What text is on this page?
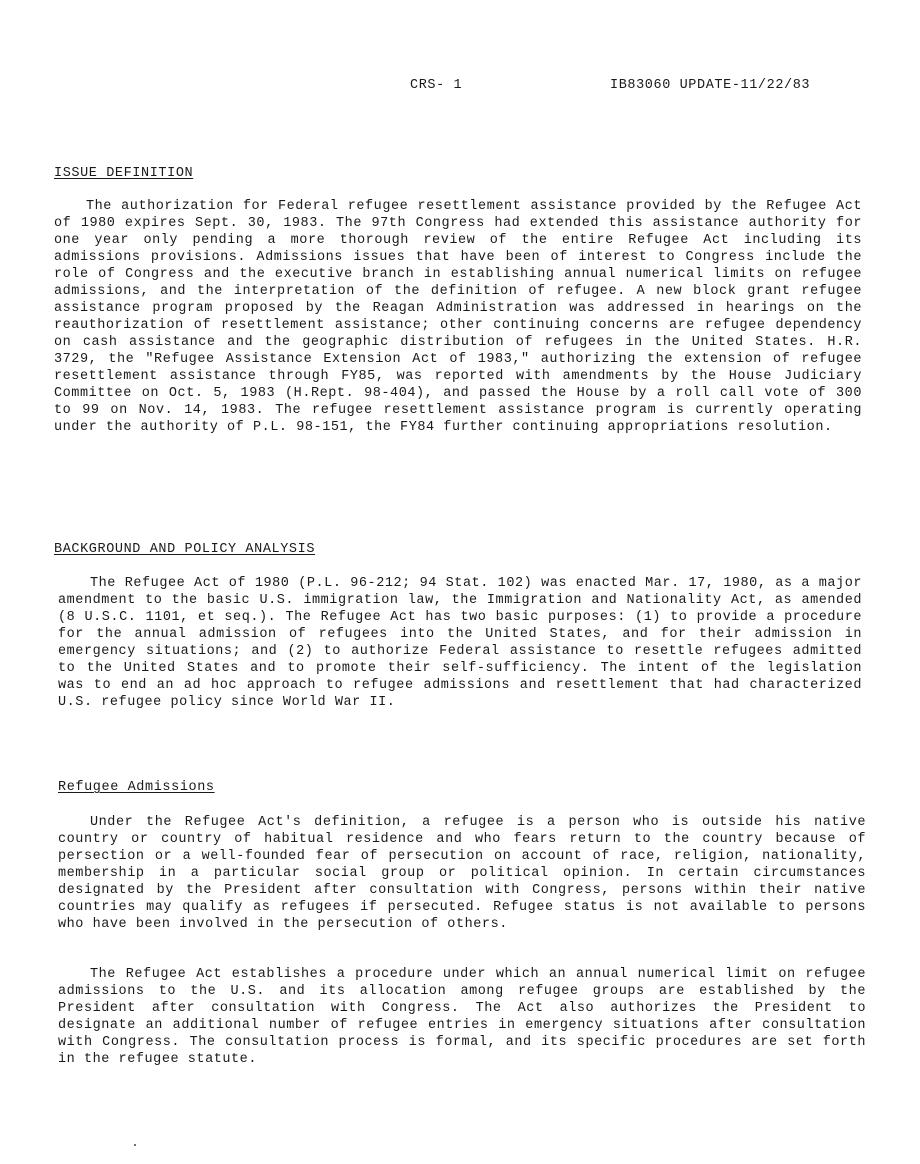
CRS- 1	IB83060 UPDATE-11/22/83
ISSUE DEFINITION
The authorization for Federal refugee resettlement assistance provided by the Refugee Act of 1980 expires Sept. 30, 1983. The 97th Congress had extended this assistance authority for one year only pending a more thorough review of the entire Refugee Act including its admissions provisions. Admissions issues that have been of interest to Congress include the role of Congress and the executive branch in establishing annual numerical limits on refugee admissions, and the interpretation of the definition of refugee. A new block grant refugee assistance program proposed by the Reagan Administration was addressed in hearings on the reauthorization of resettlement assistance; other continuing concerns are refugee dependency on cash assistance and the geographic distribution of refugees in the United States. H.R. 3729, the "Refugee Assistance Extension Act of 1983," authorizing the extension of refugee resettlement assistance through FY85, was reported with amendments by the House Judiciary Committee on Oct. 5, 1983 (H.Rept. 98-404), and passed the House by a roll call vote of 300 to 99 on Nov. 14, 1983. The refugee resettlement assistance program is currently operating under the authority of P.L. 98-151, the FY84 further continuing appropriations resolution.
BACKGROUND AND POLICY ANALYSIS
The Refugee Act of 1980 (P.L. 96-212; 94 Stat. 102) was enacted Mar. 17, 1980, as a major amendment to the basic U.S. immigration law, the Immigration and Nationality Act, as amended (8 U.S.C. 1101, et seq.). The Refugee Act has two basic purposes: (1) to provide a procedure for the annual admission of refugees into the United States, and for their admission in emergency situations; and (2) to authorize Federal assistance to resettle refugees admitted to the United States and to promote their self-sufficiency. The intent of the legislation was to end an ad hoc approach to refugee admissions and resettlement that had characterized U.S. refugee policy since World War II.
Refugee Admissions
Under the Refugee Act's definition, a refugee is a person who is outside his native country or country of habitual residence and who fears return to the country because of persection or a well-founded fear of persecution on account of race, religion, nationality, membership in a particular social group or political opinion. In certain circumstances designated by the President after consultation with Congress, persons within their native countries may qualify as refugees if persecuted. Refugee status is not available to persons who have been involved in the persecution of others.
The Refugee Act establishes a procedure under which an annual numerical limit on refugee admissions to the U.S. and its allocation among refugee groups are established by the President after consultation with Congress. The Act also authorizes the President to designate an additional number of refugee entries in emergency situations after consultation with Congress. The consultation process is formal, and its specific procedures are set forth in the refugee statute.
